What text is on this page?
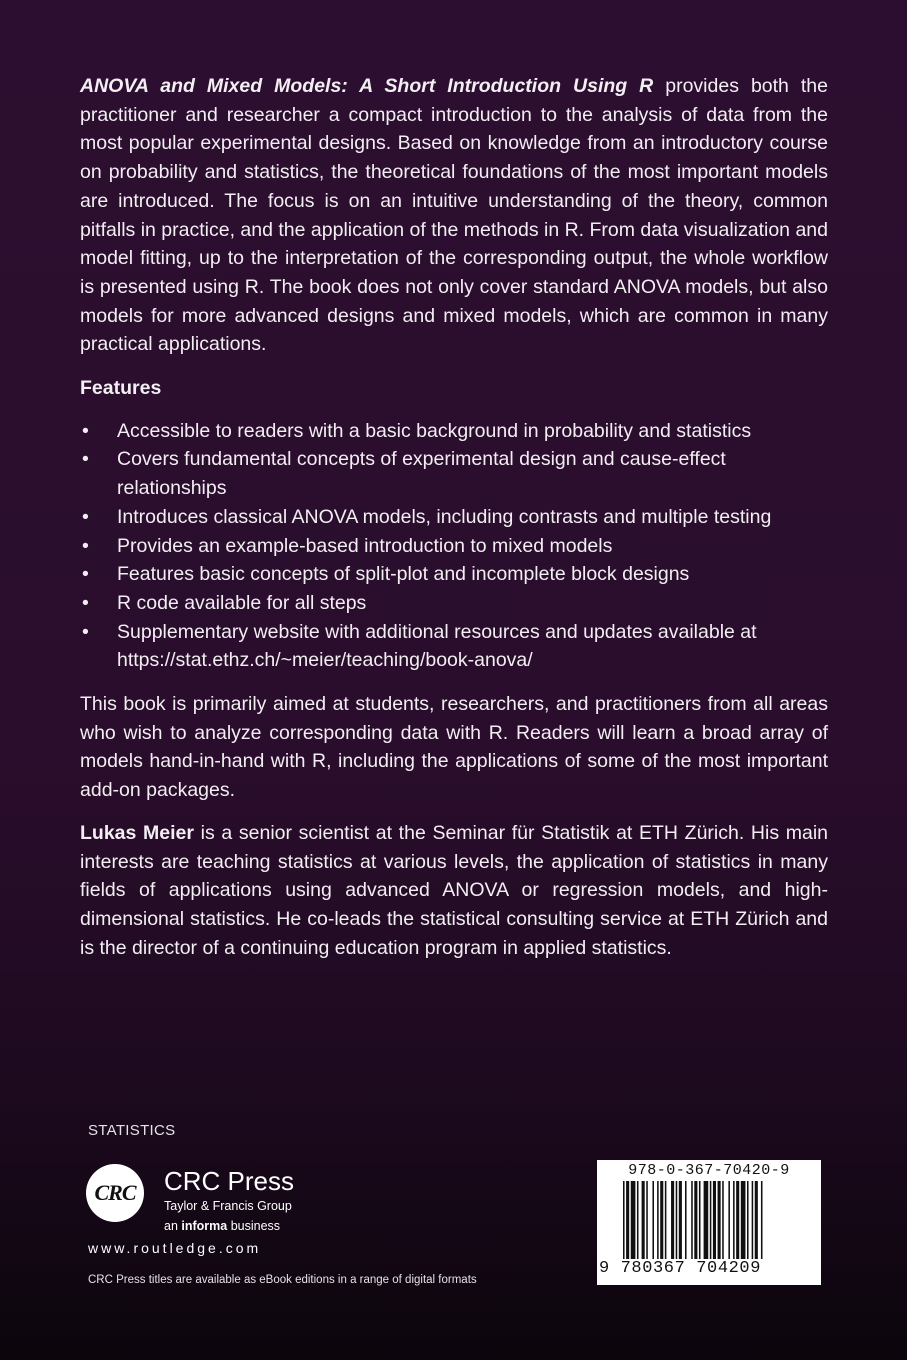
ANOVA and Mixed Models: A Short Introduction Using R provides both the practitioner and researcher a compact introduction to the analysis of data from the most popular experimental designs. Based on knowledge from an introductory course on probability and statistics, the theoretical foundations of the most important models are introduced. The focus is on an intuitive understanding of the theory, common pitfalls in practice, and the application of the methods in R. From data visualization and model fitting, up to the interpretation of the corresponding output, the whole workflow is presented using R. The book does not only cover standard ANOVA models, but also models for more advanced designs and mixed models, which are common in many practical applications.

Features
• Accessible to readers with a basic background in probability and statistics
• Covers fundamental concepts of experimental design and cause-effect relationships
• Introduces classical ANOVA models, including contrasts and multiple testing
• Provides an example-based introduction to mixed models
• Features basic concepts of split-plot and incomplete block designs
• R code available for all steps
• Supplementary website with additional resources and updates available at https://stat.ethz.ch/~meier/teaching/book-anova/

This book is primarily aimed at students, researchers, and practitioners from all areas who wish to analyze corresponding data with R. Readers will learn a broad array of models hand-in-hand with R, including the applications of some of the most important add-on packages.

Lukas Meier is a senior scientist at the Seminar für Statistik at ETH Zürich. His main interests are teaching statistics at various levels, the application of statistics in many fields of applications using advanced ANOVA or regression models, and high-dimensional statistics. He co-leads the statistical consulting service at ETH Zürich and is the director of a continuing education program in applied statistics.

STATISTICS
CRC	CRC Press
Taylor & Francis Group
an informa business
www.routledge.com
CRC Press titles are available as eBook editions in a range of digital formats
978-0-367-70420-9
9 780367 704209
